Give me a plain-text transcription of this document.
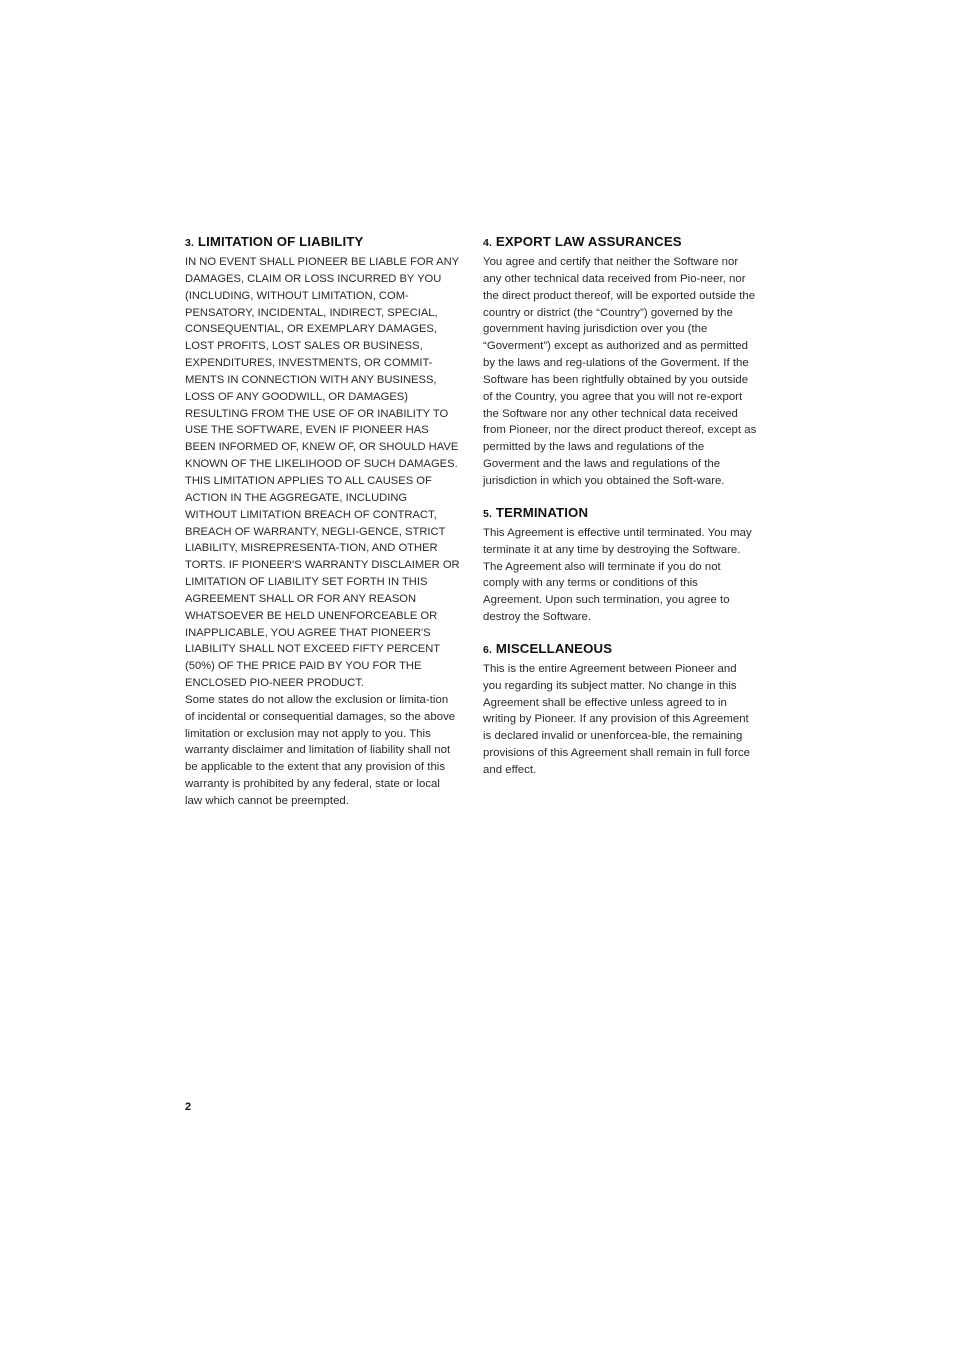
3. LIMITATION OF LIABILITY

IN NO EVENT SHALL PIONEER BE LIABLE FOR ANY DAMAGES, CLAIM OR LOSS INCURRED BY YOU (INCLUDING, WITHOUT LIMITATION, COM-PENSATORY, INCIDENTAL, INDIRECT, SPECIAL, CONSEQUENTIAL, OR EXEMPLARY DAMAGES, LOST PROFITS, LOST SALES OR BUSINESS, EXPENDITURES, INVESTMENTS, OR COMMIT-MENTS IN CONNECTION WITH ANY BUSINESS, LOSS OF ANY GOODWILL, OR DAMAGES) RESULTING FROM THE USE OF OR INABILITY TO USE THE SOFTWARE, EVEN IF PIONEER HAS BEEN INFORMED OF, KNEW OF, OR SHOULD HAVE KNOWN OF THE LIKELIHOOD OF SUCH DAMAGES. THIS LIMITATION APPLIES TO ALL CAUSES OF ACTION IN THE AGGREGATE, INCLUDING WITHOUT LIMITATION BREACH OF CONTRACT, BREACH OF WARRANTY, NEGLI-GENCE, STRICT LIABILITY, MISREPRESENTA-TION, AND OTHER TORTS. IF PIONEER'S WARRANTY DISCLAIMER OR LIMITATION OF LIABILITY SET FORTH IN THIS AGREEMENT SHALL OR FOR ANY REASON WHATSOEVER BE HELD UNENFORCEABLE OR INAPPLICABLE, YOU AGREE THAT PIONEER'S LIABILITY SHALL NOT EXCEED FIFTY PERCENT (50%) OF THE PRICE PAID BY YOU FOR THE ENCLOSED PIO-NEER PRODUCT.

Some states do not allow the exclusion or limita-tion of incidental or consequential damages, so the above limitation or exclusion may not apply to you. This warranty disclaimer and limitation of liability shall not be applicable to the extent that any provision of this warranty is prohibited by any federal, state or local law which cannot be preempted.

4. EXPORT LAW ASSURANCES

You agree and certify that neither the Software nor any other technical data received from Pio-neer, nor the direct product thereof, will be exported outside the country or district (the “Country”) governed by the government having jurisdiction over you (the “Goverment”) except as authorized and as permitted by the laws and reg-ulations of the Goverment. If the Software has been rightfully obtained by you outside of the Country, you agree that you will not re-export the Software nor any other technical data received from Pioneer, nor the direct product thereof, except as permitted by the laws and regulations of the Goverment and the laws and regulations of the jurisdiction in which you obtained the Soft-ware.

5. TERMINATION

This Agreement is effective until terminated. You may terminate it at any time by destroying the Software. The Agreement also will terminate if you do not comply with any terms or conditions of this Agreement. Upon such termination, you agree to destroy the Software.

6. MISCELLANEOUS

This is the entire Agreement between Pioneer and you regarding its subject matter. No change in this Agreement shall be effective unless agreed to in writing by Pioneer. If any provision of this Agreement is declared invalid or unenforcea-ble, the remaining provisions of this Agreement shall remain in full force and effect.

2
